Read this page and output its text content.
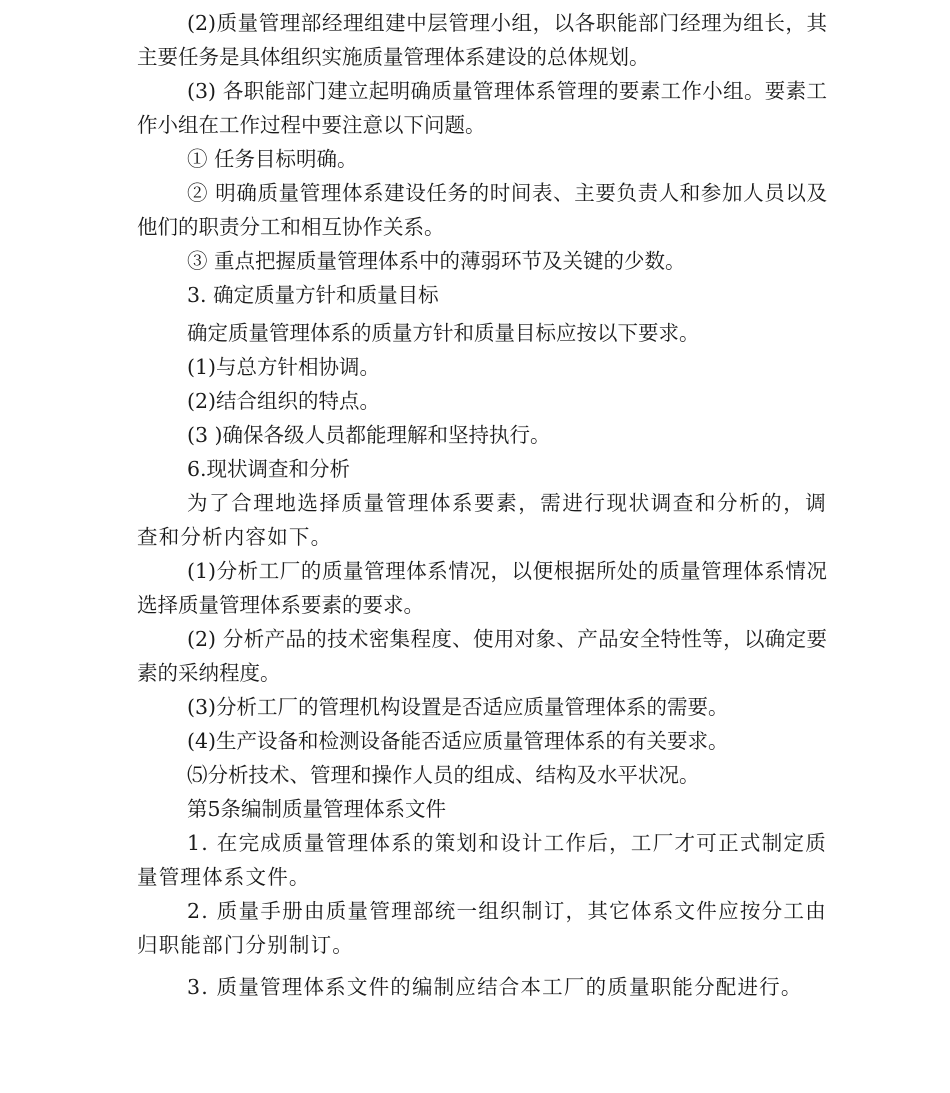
(2)质量管理部经理组建中层管理小组，以各职能部门经理为组长，其主要任务是具体组织实施质量管理体系建设的总体规划。

(3) 各职能部门建立起明确质量管理体系管理的要素工作小组。要素工作小组在工作过程中要注意以下问题。

① 任务目标明确。

② 明确质量管理体系建设任务的时间表、主要负责人和参加人员以及他们的职责分工和相互协作关系。

③ 重点把握质量管理体系中的薄弱环节及关键的少数。

3. 确定质量方针和质量目标

确定质量管理体系的质量方针和质量目标应按以下要求。

(1)与总方针相协调。

(2)结合组织的特点。

(3 )确保各级人员都能理解和坚持执行。

6.现状调查和分析

为了合理地选择质量管理体系要素，需进行现状调查和分析的，调查和分析内容如下。

(1)分析工厂的质量管理体系情况，以便根据所处的质量管理体系情况选择质量管理体系要素的要求。

(2) 分析产品的技术密集程度、使用对象、产品安全特性等，以确定要素的采纳程度。

(3)分析工厂的管理机构设置是否适应质量管理体系的需要。

(4)生产设备和检测设备能否适应质量管理体系的有关要求。

⑸分析技术、管理和操作人员的组成、结构及水平状况。

第5条编制质量管理体系文件

1. 在完成质量管理体系的策划和设计工作后，工厂才可正式制定质量管理体系文件。

2. 质量手册由质量管理部统一组织制订，其它体系文件应按分工由归职能部门分别制订。

3. 质量管理体系文件的编制应结合本工厂的质量职能分配进行。
